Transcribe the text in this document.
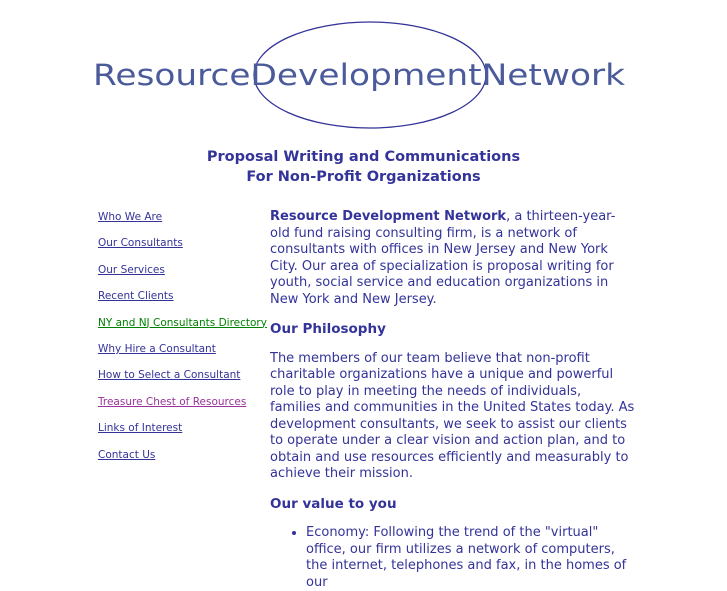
Resource Development Network
Proposal Writing and Communications
For Non-Profit Organizations
Who We Are
Our Consultants
Our Services
Recent Clients
NY and NJ Consultants Directory
Why Hire a Consultant
How to Select a Consultant
Treasure Chest of Resources
Links of Interest
Contact Us

Resource Development Network, a thirteen-year-old fund raising consulting firm, is a network of consultants with offices in New Jersey and New York City. Our area of specialization is proposal writing for youth, social service and education organizations in New York and New Jersey.

Our Philosophy

The members of our team believe that non-profit charitable organizations have a unique and powerful role to play in meeting the needs of individuals, families and communities in the United States today. As development consultants, we seek to assist our clients to operate under a clear vision and action plan, and to obtain and use resources efficiently and measurably to achieve their mission.

Our value to you
• Economy: Following the trend of the "virtual" office, our firm utilizes a network of computers, the internet, telephones and fax, in the homes of our
